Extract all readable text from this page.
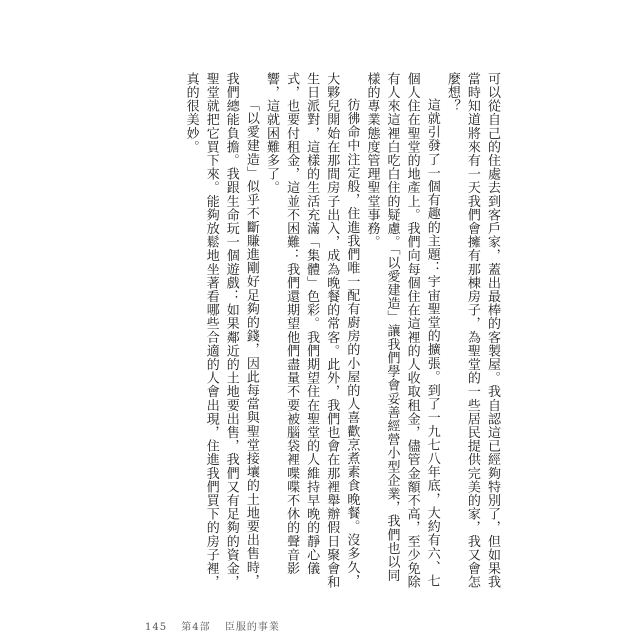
可以從自己的住處去到客戶家，蓋出最棒的客製屋。我自認這已經夠特別了，但如果我當時知道將來有一天我們會擁有那棟房子，為聖堂的一些居民提供完美的家，我又會怎麼想？

這就引發了一個有趣的主題：宇宙聖堂的擴張。到了一九七八年底，大約有六、七個人住在聖堂的地產上。我們向每個住在這裡的人收取租金，儘管金額不高，至少免除有人來這裡白吃白住的疑慮。「以愛建造」讓我們學會妥善經營小型企業，我們也以同樣的專業態度管理聖堂事務。

彷彿命中注定般，住進我們唯一配有廚房的小屋的人喜歡烹煮素食晚餐。沒多久，大夥兒開始在那間房子出入，成為晚餐的常客。此外，我們也會在那裡舉辦假日聚會和生日派對，這樣的生活充滿「集體」色彩。我們期望住在聖堂的人維持早晚的靜心儀式，也要付租金，這並不困難：我們還期望他們盡量不要被腦袋裡喋喋不休的聲音影響，這就困難多了。

「以愛建造」似乎不斷賺進剛好足夠的錢，因此每當與聖堂接壤的土地要出售時，我們總能負擔。我跟生命玩一個遊戲：如果鄰近的土地要出售，我們又有足夠的資金，聖堂就把它買下來。能夠放鬆地坐著看哪些合適的人會出現，住進我們買下的房子裡，真的很美妙。

145 第4部 臣服的事業
